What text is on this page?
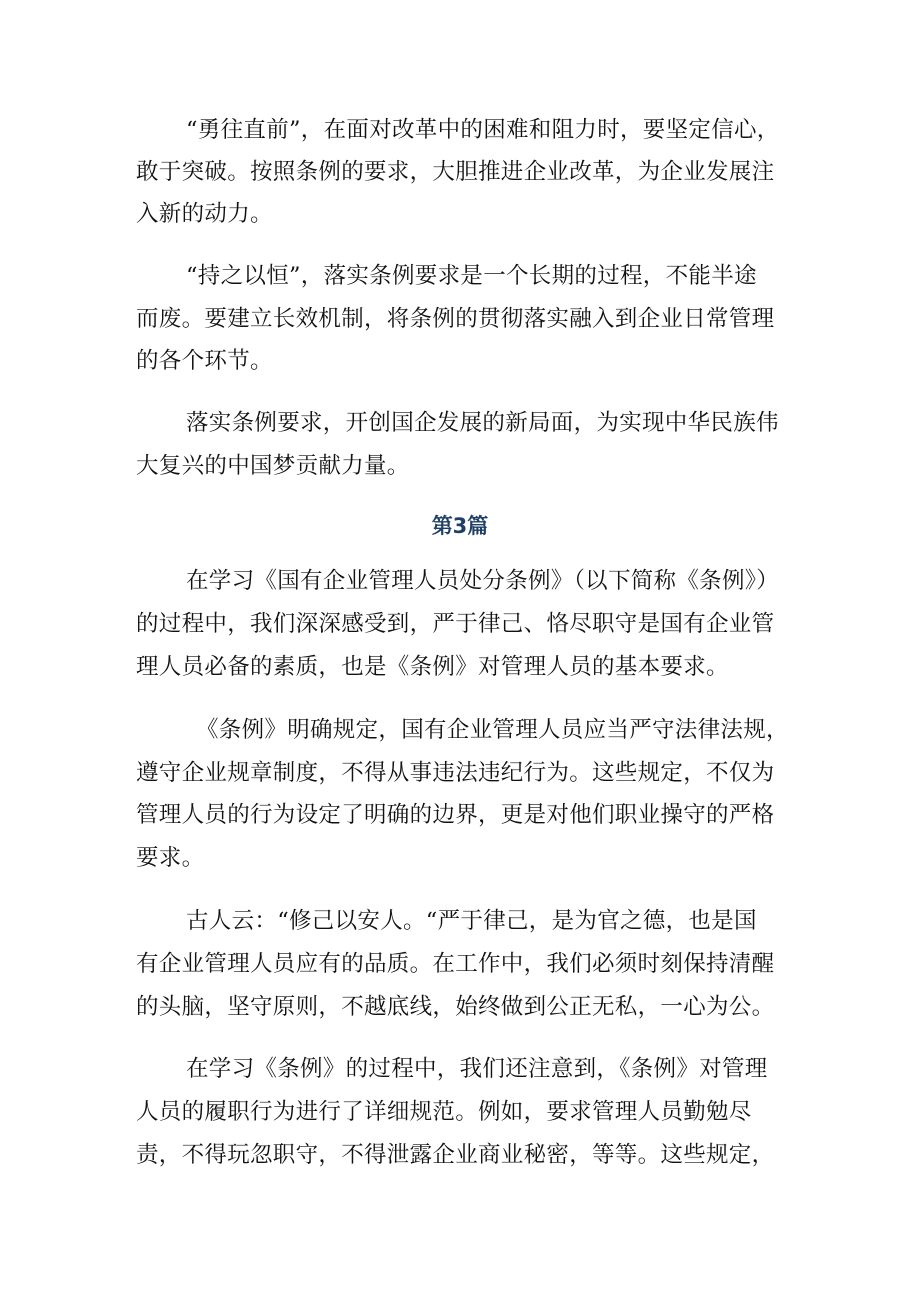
“勇往直前”，在面对改革中的困难和阻力时，要坚定信心，
敢于突破。按照条例的要求，大胆推进企业改革，为企业发展注
入新的动力。
“持之以恒”，落实条例要求是一个长期的过程，不能半途
而废。要建立长效机制，将条例的贯彻落实融入到企业日常管理
的各个环节。
落实条例要求，开创国企发展的新局面，为实现中华民族伟
大复兴的中国梦贡献力量。
第3篇
在学习《国有企业管理人员处分条例》（以下简称《条例》）
的过程中，我们深深感受到，严于律己、恪尽职守是国有企业管
理人员必备的素质，也是《条例》对管理人员的基本要求。
《条例》明确规定，国有企业管理人员应当严守法律法规，
遵守企业规章制度，不得从事违法违纪行为。这些规定，不仅为
管理人员的行为设定了明确的边界，更是对他们职业操守的严格
要求。
古人云：“修己以安人。“严于律己，是为官之德，也是国
有企业管理人员应有的品质。在工作中，我们必须时刻保持清醒
的头脑，坚守原则，不越底线，始终做到公正无私，一心为公。
在学习《条例》的过程中，我们还注意到，《条例》对管理
人员的履职行为进行了详细规范。例如，要求管理人员勤勉尽
责，不得玩忽职守，不得泄露企业商业秘密，等等。这些规定，
